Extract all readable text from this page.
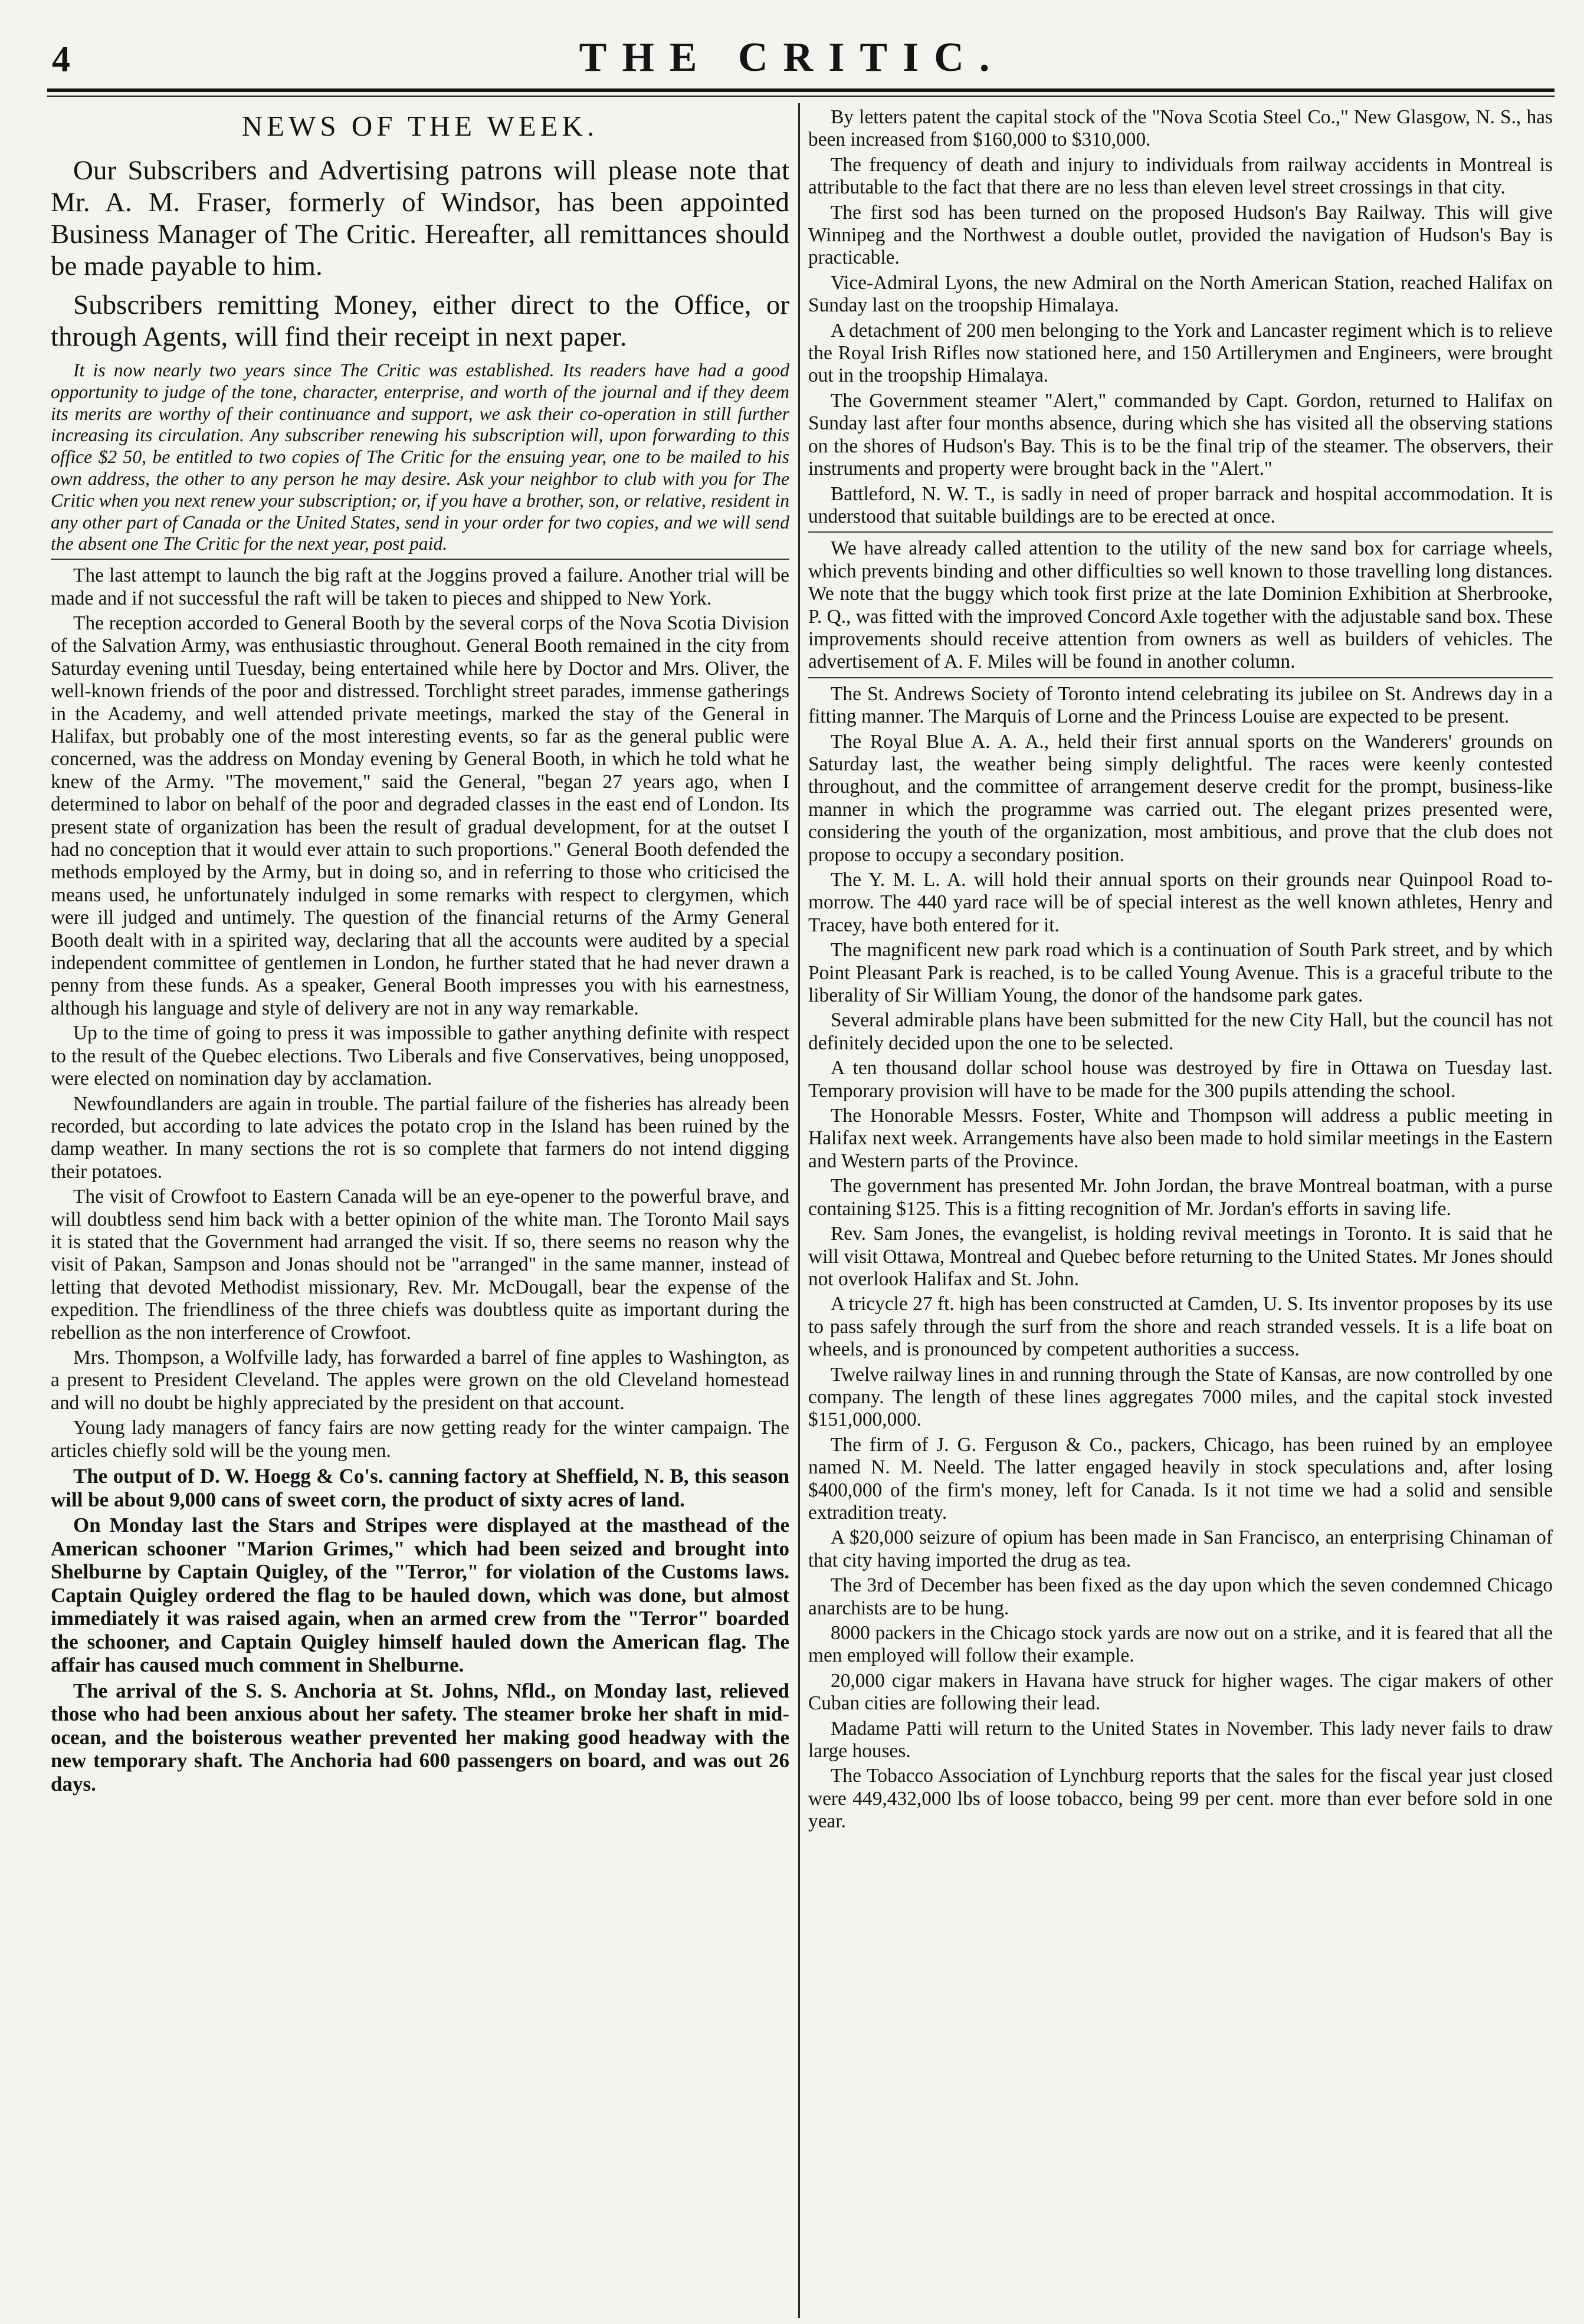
4	THE CRITIC.
NEWS OF THE WEEK.

Our Subscribers and Advertising patrons will please note that Mr. A. M. Fraser, formerly of Windsor, has been appointed Business Manager of The Critic. Hereafter, all remittances should be made payable to him.

Subscribers remitting Money, either direct to the Office, or through Agents, will find their receipt in next paper.

It is now nearly two years since The Critic was established. Its readers have had a good opportunity to judge of the tone, character, enterprise, and worth of the journal and if they deem its merits are worthy of their continuance and support, we ask their co-operation in still further increasing its circulation. Any subscriber renewing his subscription will, upon forwarding to this office $2 50, be entitled to two copies of The Critic for the ensuing year, one to be mailed to his own address, the other to any person he may desire. Ask your neighbor to club with you for The Critic when you next renew your subscription; or, if you have a brother, son, or relative, resident in any other part of Canada or the United States, send in your order for two copies, and we will send the absent one The Critic for the next year, post paid.

The last attempt to launch the big raft at the Joggins proved a failure. Another trial will be made and if not successful the raft will be taken to pieces and shipped to New York.

The reception accorded to General Booth by the several corps of the Nova Scotia Division of the Salvation Army, was enthusiastic throughout. General Booth remained in the city from Saturday evening until Tuesday, being entertained while here by Doctor and Mrs. Oliver, the well-known friends of the poor and distressed. Torchlight street parades, immense gatherings in the Academy, and well attended private meetings, marked the stay of the General in Halifax, but probably one of the most interesting events, so far as the general public were concerned, was the address on Monday evening by General Booth, in which he told what he knew of the Army. "The movement," said the General, "began 27 years ago, when I determined to labor on behalf of the poor and degraded classes in the east end of London. Its present state of organization has been the result of gradual development, for at the outset I had no conception that it would ever attain to such proportions." General Booth defended the methods employed by the Army, but in doing so, and in referring to those who criticised the means used, he unfortunately indulged in some remarks with respect to clergymen, which were ill judged and untimely. The question of the financial returns of the Army General Booth dealt with in a spirited way, declaring that all the accounts were audited by a special independent committee of gentlemen in London, he further stated that he had never drawn a penny from these funds. As a speaker, General Booth impresses you with his earnestness, although his language and style of delivery are not in any way remarkable.

Up to the time of going to press it was impossible to gather anything definite with respect to the result of the Quebec elections. Two Liberals and five Conservatives, being unopposed, were elected on nomination day by acclamation.

Newfoundlanders are again in trouble. The partial failure of the fisheries has already been recorded, but according to late advices the potato crop in the Island has been ruined by the damp weather. In many sections the rot is so complete that farmers do not intend digging their potatoes.

The visit of Crowfoot to Eastern Canada will be an eye-opener to the powerful brave, and will doubtless send him back with a better opinion of the white man. The Toronto Mail says it is stated that the Government had arranged the visit. If so, there seems no reason why the visit of Pakan, Sampson and Jonas should not be "arranged" in the same manner, instead of letting that devoted Methodist missionary, Rev. Mr. McDougall, bear the expense of the expedition. The friendliness of the three chiefs was doubtless quite as important during the rebellion as the non interference of Crowfoot.

Mrs. Thompson, a Wolfville lady, has forwarded a barrel of fine apples to Washington, as a present to President Cleveland. The apples were grown on the old Cleveland homestead and will no doubt be highly appreciated by the president on that account.

Young lady managers of fancy fairs are now getting ready for the winter campaign. The articles chiefly sold will be the young men.

The output of D. W. Hoegg & Co's. canning factory at Sheffield, N. B, this season will be about 9,000 cans of sweet corn, the product of sixty acres of land.

On Monday last the Stars and Stripes were displayed at the masthead of the American schooner "Marion Grimes," which had been seized and brought into Shelburne by Captain Quigley, of the "Terror," for violation of the Customs laws. Captain Quigley ordered the flag to be hauled down, which was done, but almost immediately it was raised again, when an armed crew from the "Terror" boarded the schooner, and Captain Quigley himself hauled down the American flag. The affair has caused much comment in Shelburne.

The arrival of the S. S. Anchoria at St. Johns, Nfld., on Monday last, relieved those who had been anxious about her safety. The steamer broke her shaft in mid-ocean, and the boisterous weather prevented her making good headway with the new temporary shaft. The Anchoria had 600 passengers on board, and was out 26 days.

By letters patent the capital stock of the "Nova Scotia Steel Co.," New Glasgow, N. S., has been increased from $160,000 to $310,000.

The frequency of death and injury to individuals from railway accidents in Montreal is attributable to the fact that there are no less than eleven level street crossings in that city.

The first sod has been turned on the proposed Hudson's Bay Railway. This will give Winnipeg and the Northwest a double outlet, provided the navigation of Hudson's Bay is practicable.

Vice-Admiral Lyons, the new Admiral on the North American Station, reached Halifax on Sunday last on the troopship Himalaya.

A detachment of 200 men belonging to the York and Lancaster regiment which is to relieve the Royal Irish Rifles now stationed here, and 150 Artillerymen and Engineers, were brought out in the troopship Himalaya.

The Government steamer "Alert," commanded by Capt. Gordon, returned to Halifax on Sunday last after four months absence, during which she has visited all the observing stations on the shores of Hudson's Bay. This is to be the final trip of the steamer. The observers, their instruments and property were brought back in the "Alert."

Battleford, N. W. T., is sadly in need of proper barrack and hospital accommodation. It is understood that suitable buildings are to be erected at once.

We have already called attention to the utility of the new sand box for carriage wheels, which prevents binding and other difficulties so well known to those travelling long distances. We note that the buggy which took first prize at the late Dominion Exhibition at Sherbrooke, P. Q., was fitted with the improved Concord Axle together with the adjustable sand box. These improvements should receive attention from owners as well as builders of vehicles. The advertisement of A. F. Miles will be found in another column.

The St. Andrews Society of Toronto intend celebrating its jubilee on St. Andrews day in a fitting manner. The Marquis of Lorne and the Princess Louise are expected to be present.

The Royal Blue A. A. A., held their first annual sports on the Wanderers' grounds on Saturday last, the weather being simply delightful. The races were keenly contested throughout, and the committee of arrangement deserve credit for the prompt, business-like manner in which the programme was carried out. The elegant prizes presented were, considering the youth of the organization, most ambitious, and prove that the club does not propose to occupy a secondary position.

The Y. M. L. A. will hold their annual sports on their grounds near Quinpool Road to-morrow. The 440 yard race will be of special interest as the well known athletes, Henry and Tracey, have both entered for it.

The magnificent new park road which is a continuation of South Park street, and by which Point Pleasant Park is reached, is to be called Young Avenue. This is a graceful tribute to the liberality of Sir William Young, the donor of the handsome park gates.

Several admirable plans have been submitted for the new City Hall, but the council has not definitely decided upon the one to be selected.

A ten thousand dollar school house was destroyed by fire in Ottawa on Tuesday last. Temporary provision will have to be made for the 300 pupils attending the school.

The Honorable Messrs. Foster, White and Thompson will address a public meeting in Halifax next week. Arrangements have also been made to hold similar meetings in the Eastern and Western parts of the Province.

The government has presented Mr. John Jordan, the brave Montreal boatman, with a purse containing $125. This is a fitting recognition of Mr. Jordan's efforts in saving life.

Rev. Sam Jones, the evangelist, is holding revival meetings in Toronto. It is said that he will visit Ottawa, Montreal and Quebec before returning to the United States. Mr Jones should not overlook Halifax and St. John.

A tricycle 27 ft. high has been constructed at Camden, U. S. Its inventor proposes by its use to pass safely through the surf from the shore and reach stranded vessels. It is a life boat on wheels, and is pronounced by competent authorities a success.

Twelve railway lines in and running through the State of Kansas, are now controlled by one company. The length of these lines aggregates 7000 miles, and the capital stock invested $151,000,000.

The firm of J. G. Ferguson & Co., packers, Chicago, has been ruined by an employee named N. M. Neeld. The latter engaged heavily in stock speculations and, after losing $400,000 of the firm's money, left for Canada. Is it not time we had a solid and sensible extradition treaty.

A $20,000 seizure of opium has been made in San Francisco, an enterprising Chinaman of that city having imported the drug as tea.

The 3rd of December has been fixed as the day upon which the seven condemned Chicago anarchists are to be hung.

8000 packers in the Chicago stock yards are now out on a strike, and it is feared that all the men employed will follow their example.

20,000 cigar makers in Havana have struck for higher wages. The cigar makers of other Cuban cities are following their lead.

Madame Patti will return to the United States in November. This lady never fails to draw large houses.

The Tobacco Association of Lynchburg reports that the sales for the fiscal year just closed were 449,432,000 lbs of loose tobacco, being 99 per cent. more than ever before sold in one year.
